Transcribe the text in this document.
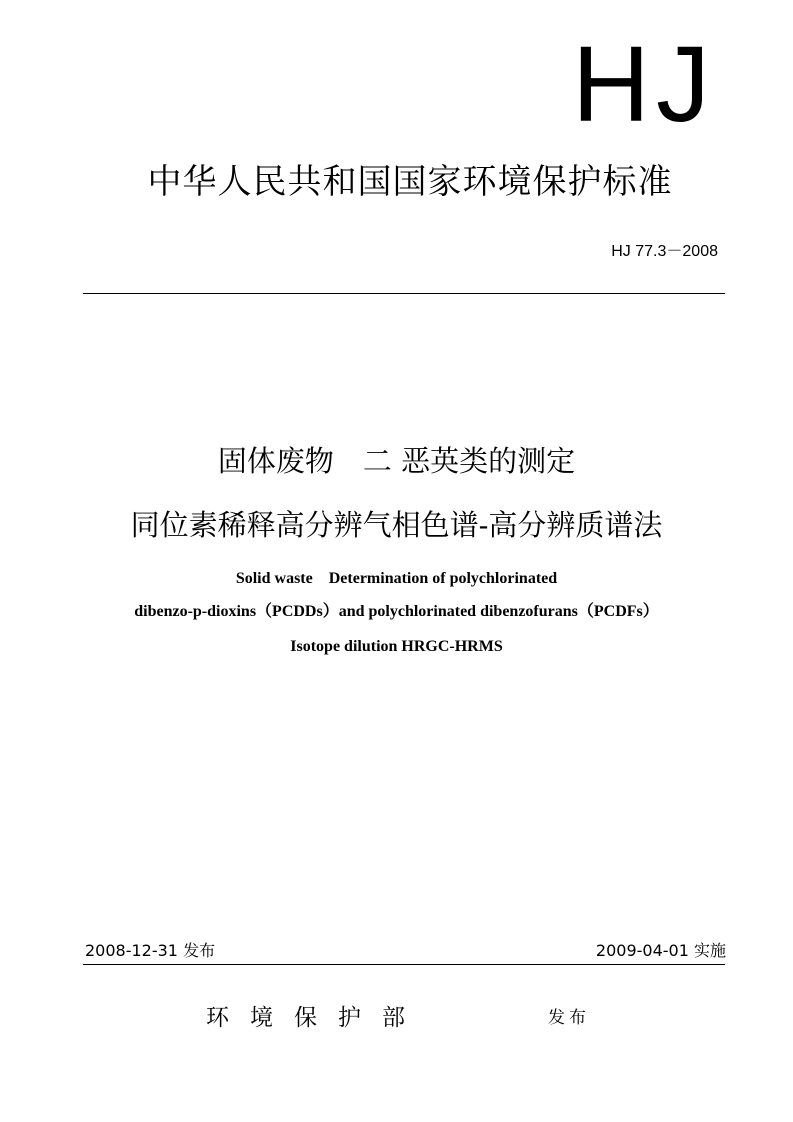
HJ
中华人民共和国国家环境保护标准
HJ 77.3－2008
固体废物　二 恶英类的测定
同位素稀释高分辨气相色谱-高分辨质谱法
Solid waste　Determination of polychlorinated
dibenzo-p-dioxins（PCDDs）and polychlorinated dibenzofurans（PCDFs）
Isotope dilution HRGC-HRMS
2008-12-31 发布	2009-04-01 实施
环境保护部	发布
